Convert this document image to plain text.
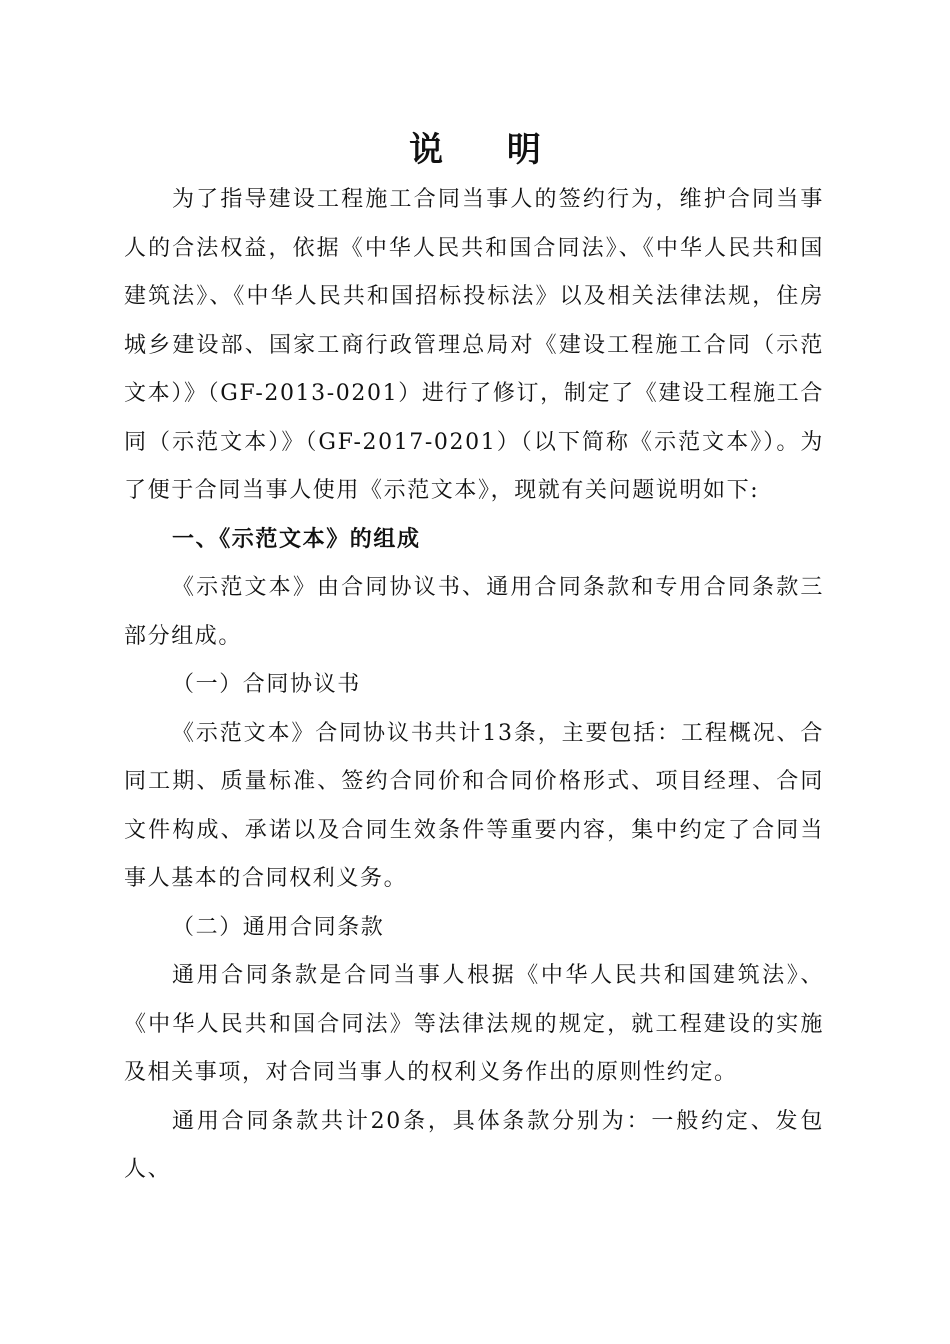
说 明

为了指导建设工程施工合同当事人的签约行为，维护合同当事人的合法权益，依据《中华人民共和国合同法》、《中华人民共和国建筑法》、《中华人民共和国招标投标法》以及相关法律法规，住房城乡建设部、国家工商行政管理总局对《建设工程施工合同（示范文本）》（GF-2013-0201）进行了修订，制定了《建设工程施工合同（示范文本）》（GF-2017-0201）（以下简称《示范文本》）。为了便于合同当事人使用《示范文本》，现就有关问题说明如下:

一、《示范文本》的组成

《示范文本》由合同协议书、通用合同条款和专用合同条款三部分组成。

（一）合同协议书

《示范文本》合同协议书共计13条，主要包括：工程概况、合同工期、质量标准、签约合同价和合同价格形式、项目经理、合同文件构成、承诺以及合同生效条件等重要内容，集中约定了合同当事人基本的合同权利义务。

（二）通用合同条款

通用合同条款是合同当事人根据《中华人民共和国建筑法》、《中华人民共和国合同法》等法律法规的规定，就工程建设的实施及相关事项，对合同当事人的权利义务作出的原则性约定。

通用合同条款共计20条，具体条款分别为：一般约定、发包人、
